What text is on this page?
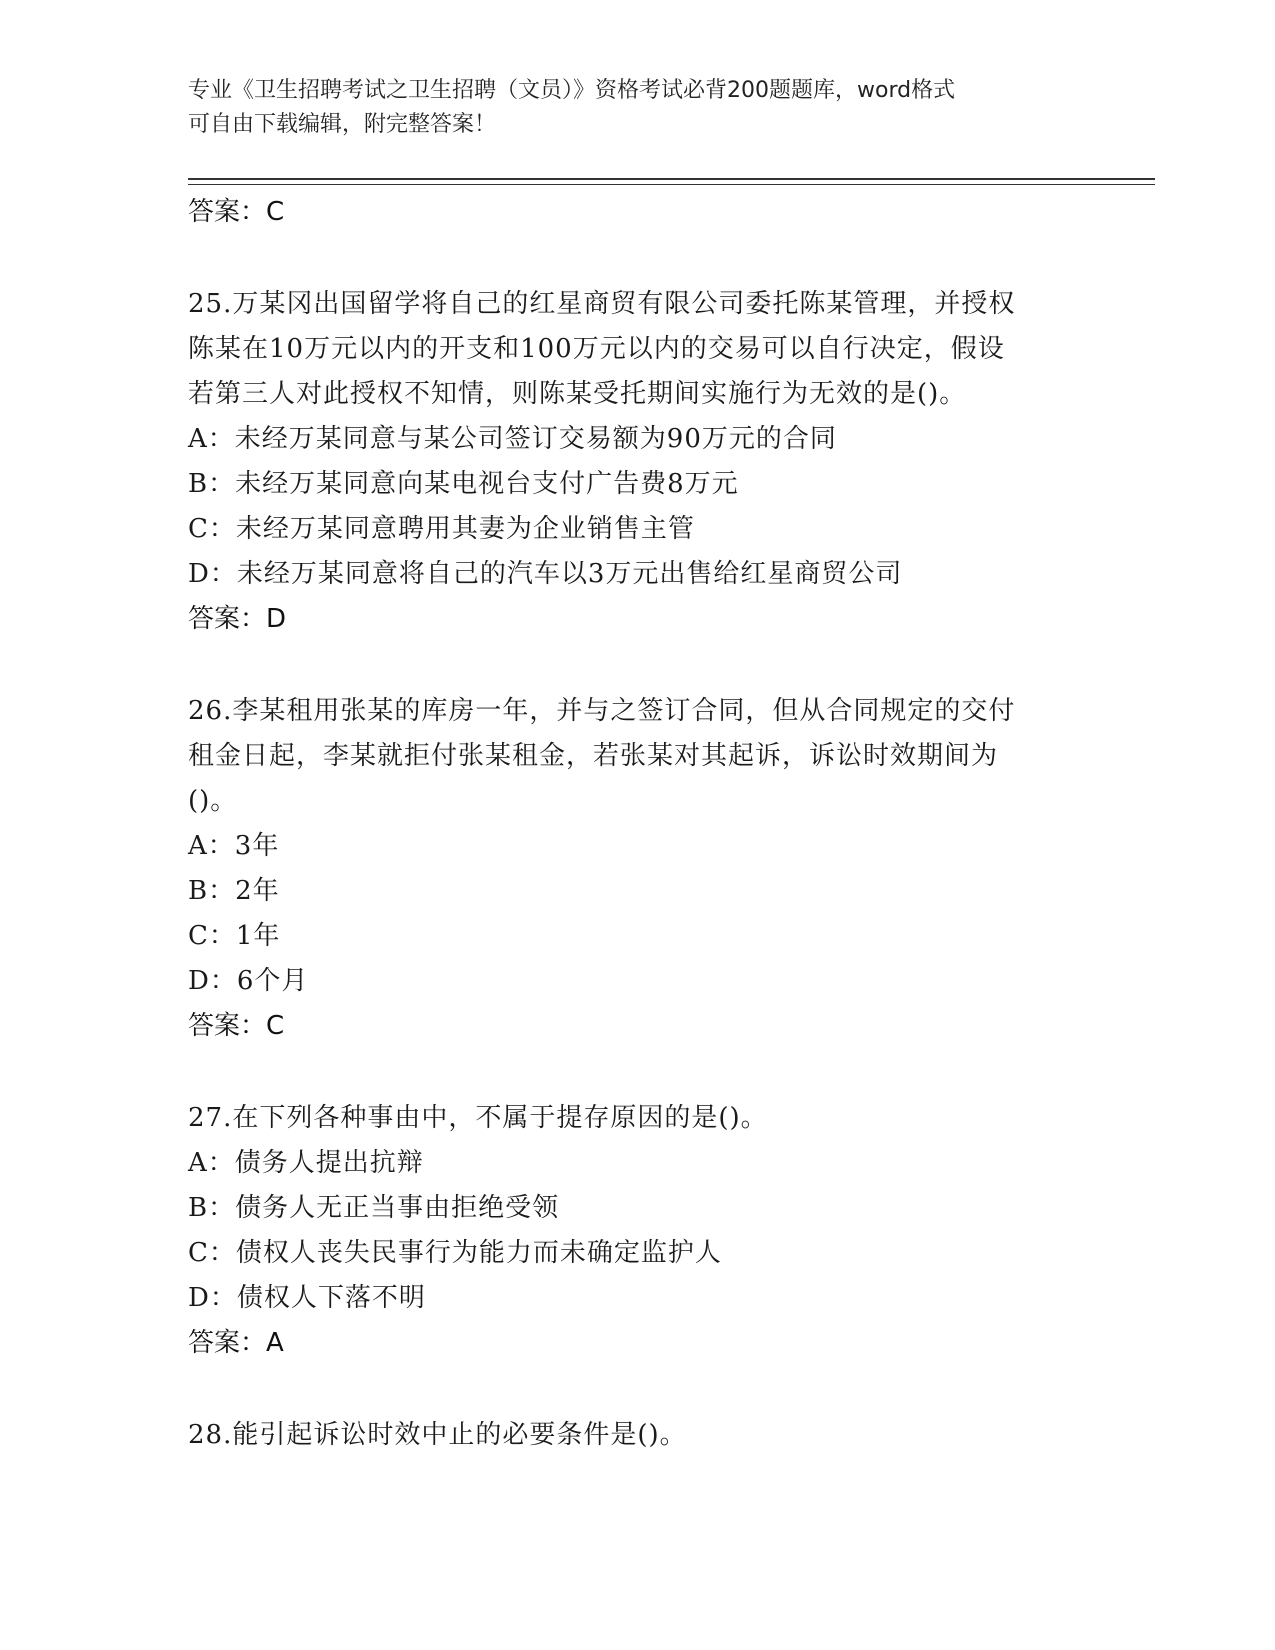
专业《卫生招聘考试之卫生招聘（文员）》资格考试必背200题题库，word格式
可自由下载编辑，附完整答案！
答案：C
25.万某冈出国留学将自己的红星商贸有限公司委托陈某管理，并授权
陈某在10万元以内的开支和100万元以内的交易可以自行决定，假设
若第三人对此授权不知情，则陈某受托期间实施行为无效的是()。
A：未经万某同意与某公司签订交易额为90万元的合同
B：未经万某同意向某电视台支付广告费8万元
C：未经万某同意聘用其妻为企业销售主管
D：未经万某同意将自己的汽车以3万元出售给红星商贸公司
答案：D
26.李某租用张某的库房一年，并与之签订合同，但从合同规定的交付
租金日起，李某就拒付张某租金，若张某对其起诉，诉讼时效期间为
()。
A：3年
B：2年
C：1年
D：6个月
答案：C
27.在下列各种事由中，不属于提存原因的是()。
A：债务人提出抗辩
B：债务人无正当事由拒绝受领
C：债权人丧失民事行为能力而未确定监护人
D：债权人下落不明
答案：A
28.能引起诉讼时效中止的必要条件是()。
